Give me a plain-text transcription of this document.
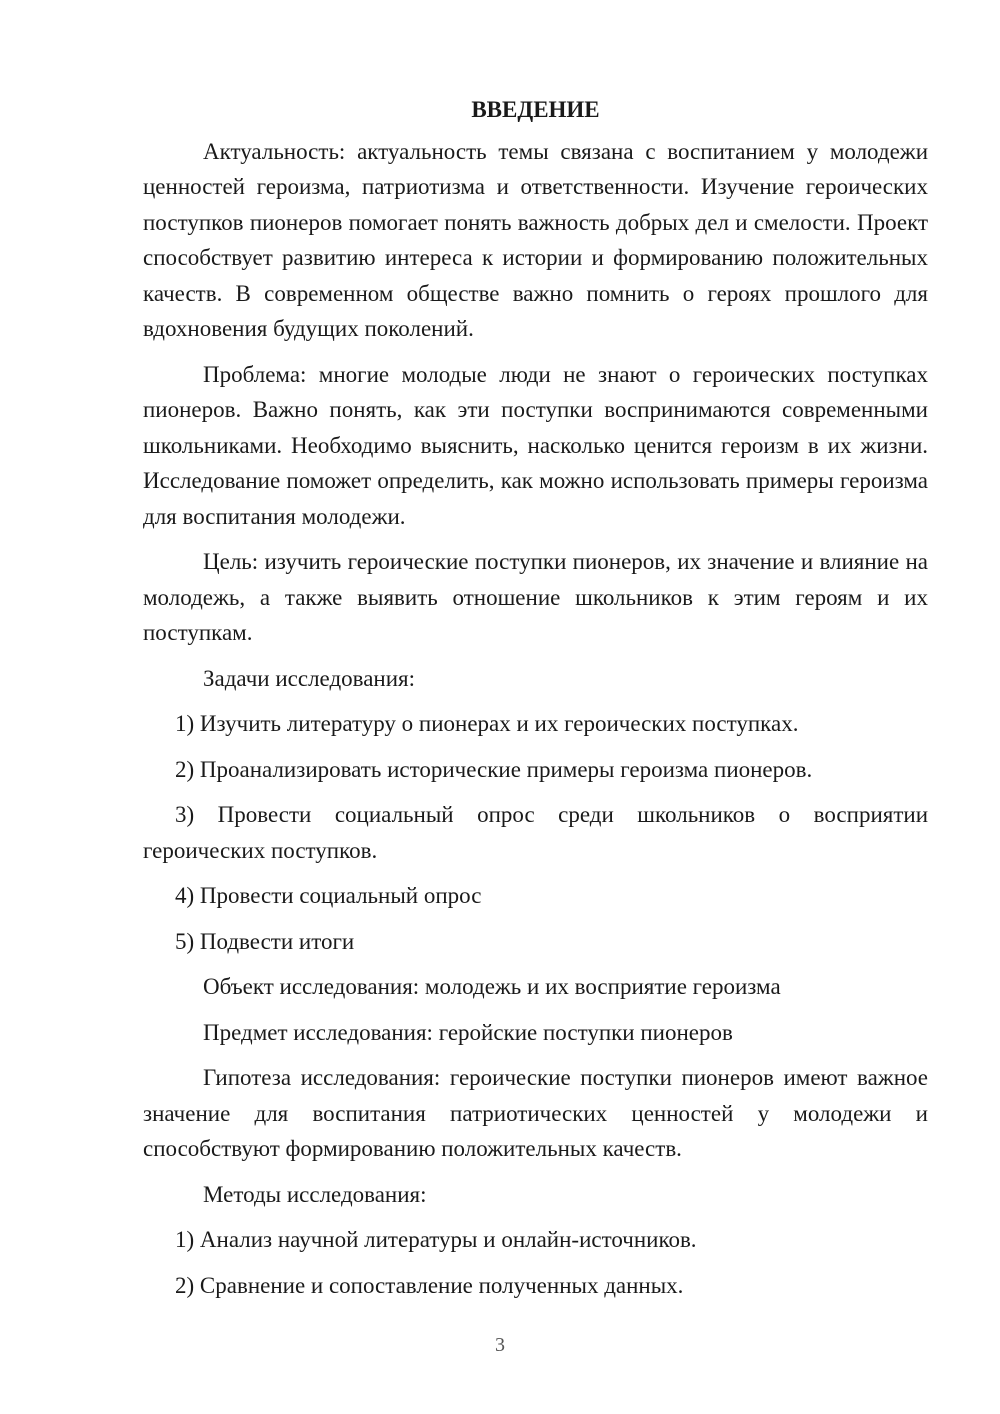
ВВЕДЕНИЕ

Актуальность: актуальность темы связана с воспитанием у молодежи ценностей героизма, патриотизма и ответственности. Изучение героических поступков пионеров помогает понять важность добрых дел и смелости. Проект способствует развитию интереса к истории и формированию положительных качеств. В современном обществе важно помнить о героях прошлого для вдохновения будущих поколений.

Проблема: многие молодые люди не знают о героических поступках пионеров. Важно понять, как эти поступки воспринимаются современными школьниками. Необходимо выяснить, насколько ценится героизм в их жизни. Исследование поможет определить, как можно использовать примеры героизма для воспитания молодежи.

Цель: изучить героические поступки пионеров, их значение и влияние на молодежь, а также выявить отношение школьников к этим героям и их поступкам.

Задачи исследования:

1) Изучить литературу о пионерах и их героических поступках.

2) Проанализировать исторические примеры героизма пионеров.

3) Провести социальный опрос среди школьников о восприятии героических поступков.

4) Провести социальный опрос

5) Подвести итоги

Объект исследования: молодежь и их восприятие героизма

Предмет исследования: геройские поступки пионеров

Гипотеза исследования: героические поступки пионеров имеют важное значение для воспитания патриотических ценностей у молодежи и способствуют формированию положительных качеств.

Методы исследования:

1) Анализ научной литературы и онлайн-источников.

2) Сравнение и сопоставление полученных данных.

3
